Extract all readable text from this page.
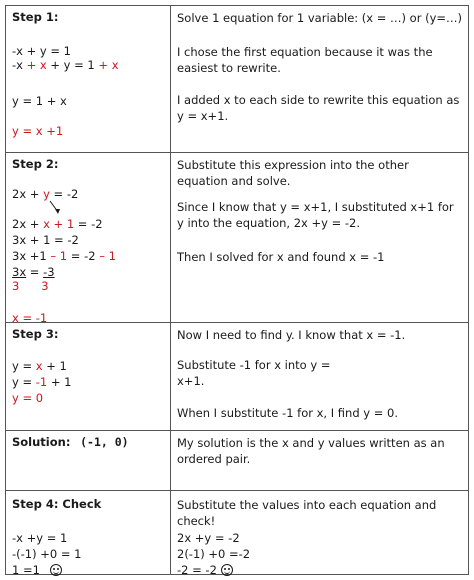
Step 1:
-x + y = 1
-x + x + y = 1 + x
y = 1 + x
y = x +1
Solve 1 equation for 1 variable: (x = …) or (y=…)
I chose the first equation because it was the easiest to rewrite.
I added x to each side to rewrite this equation as y = x+1.
Step 2:
2x + y = -2
2x + x + 1 = -2
3x + 1 = -2
3x +1 – 1 = -2 – 1
3x = -3
3 3
x = -1
Substitute this expression into the other equation and solve.
Since I know that y = x+1, I substituted x+1 for y into the equation, 2x +y = -2.
Then I solved for x and found x = -1
Step 3:
y = x + 1
y = -1 + 1
y = 0
Now I need to find y. I know that x = -1.
Substitute -1 for x into y = x+1.
When I substitute -1 for x, I find y = 0.
Solution: (-1, 0)	My solution is the x and y values written as an ordered pair.
Step 4: Check
-x +y = 1
-(-1) +0 = 1
1 =1
Substitute the values into each equation and check!
2x +y = -2
2(-1) +0 =-2
-2 = -2
